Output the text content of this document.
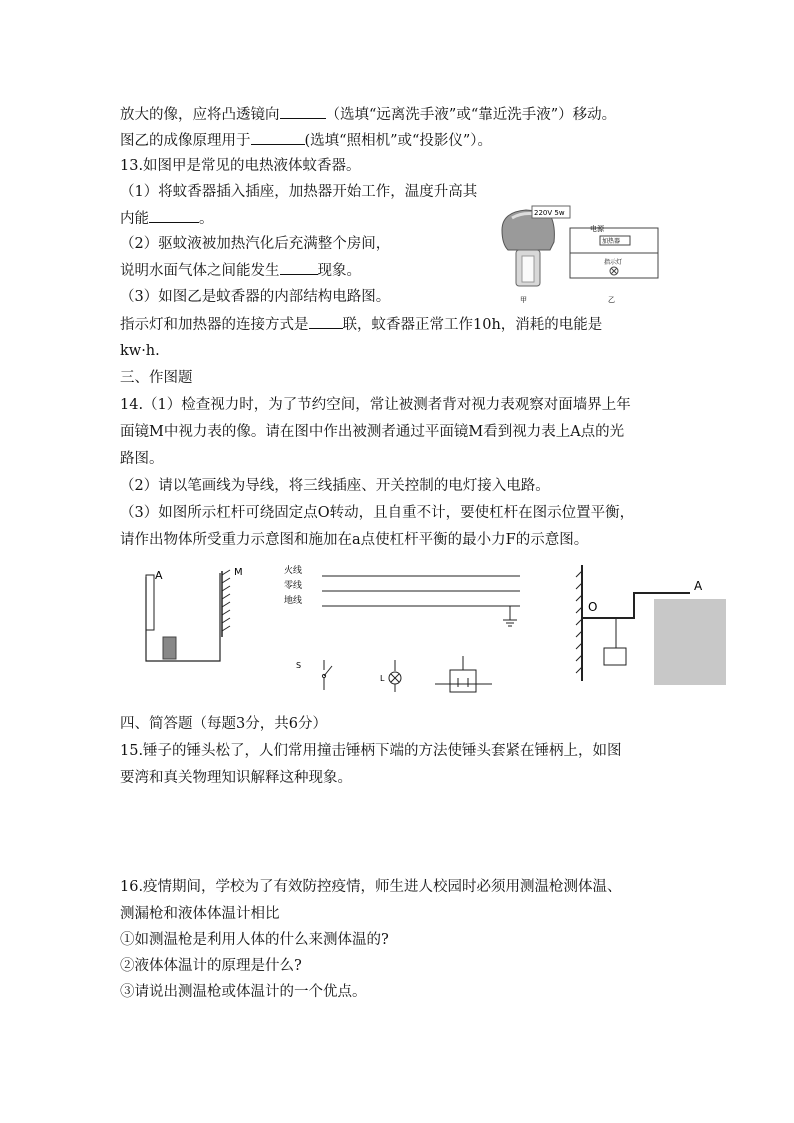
放大的像，应将凸透镜向	（选填“远离洗手液”或“靠近洗手液”）移动。
图乙的成像原理用于	(选填“照相机”或“投影仪”）。
13.如图甲是常见的电热液体蚊香器。
（1）将蚊香器插入插座，加热器开始工作，温度升高其
内能	。
（2）驱蚊液被加热汽化后充满整个房间，
说明水面气体之间能发生	现象。
（3）如图乙是蚊香器的内部结构电路图。
指示灯和加热器的连接方式是 联，蚊香器正常工作10h，消耗的电能是
kw·h.
三、作图题
14.（1）检查视力时，为了节约空间，常让被测者背对视力表观察对面墙界上年
面镜M中视力表的像。请在图中作出被测者通过平面镜M看到视力表上A点的光
路图。
（2）请以笔画线为导线，将三线插座、开关控制的电灯接入电路。
（3）如图所示杠杆可绕固定点O转动，且自重不计，要使杠杆在图示位置平衡，
请作出物体所受重力示意图和施加在a点使杠杆平衡的最小力F的示意图。
四、简答题（每题3分，共6分）
15.锤子的锤头松了，人们常用撞击锤柄下端的方法使锤头套紧在锤柄上，如图
要湾和真关物理知识解释这种现象。
16.疫情期间，学校为了有效防控疫情，师生进人校园时必须用测温枪测体温、
测漏枪和液体体温计相比
①如测温枪是利用人体的什么来测体温的?
②液体体温计的原理是什么?
③请说出测温枪或体温计的一个优点。
220V 5w
甲
电源
加热器
指示灯
乙
A	M	火线
零线
地线
S
L
O
A
